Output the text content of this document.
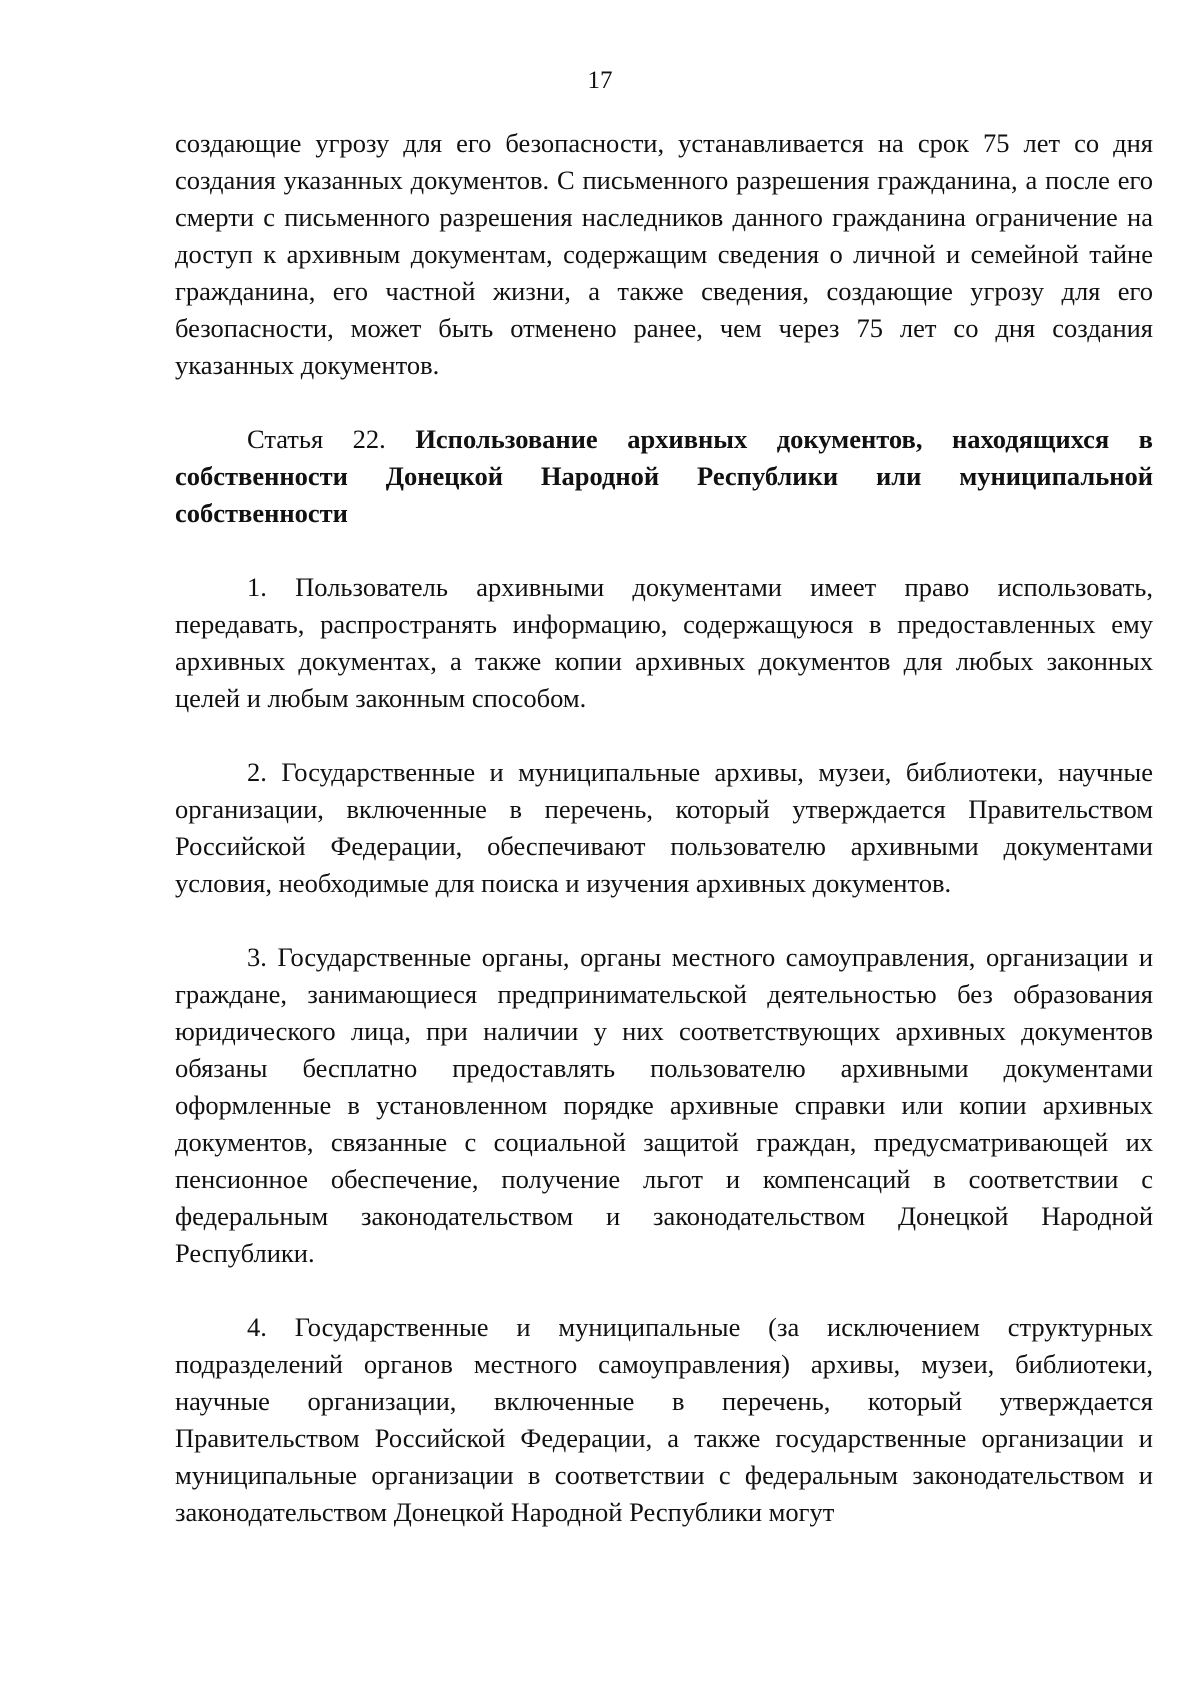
17

создающие угрозу для его безопасности, устанавливается на срок 75 лет со дня создания указанных документов. С письменного разрешения гражданина, а после его смерти с письменного разрешения наследников данного гражданина ограничение на доступ к архивным документам, содержащим сведения о личной и семейной тайне гражданина, его частной жизни, а также сведения, создающие угрозу для его безопасности, может быть отменено ранее, чем через 75 лет со дня создания указанных документов.

Статья 22. Использование архивных документов, находящихся в собственности Донецкой Народной Республики или муниципальной собственности

1. Пользователь архивными документами имеет право использовать, передавать, распространять информацию, содержащуюся в предоставленных ему архивных документах, а также копии архивных документов для любых законных целей и любым законным способом.

2. Государственные и муниципальные архивы, музеи, библиотеки, научные организации, включенные в перечень, который утверждается Правительством Российской Федерации, обеспечивают пользователю архивными документами условия, необходимые для поиска и изучения архивных документов.

3. Государственные органы, органы местного самоуправления, организации и граждане, занимающиеся предпринимательской деятельностью без образования юридического лица, при наличии у них соответствующих архивных документов обязаны бесплатно предоставлять пользователю архивными документами оформленные в установленном порядке архивные справки или копии архивных документов, связанные с социальной защитой граждан, предусматривающей их пенсионное обеспечение, получение льгот и компенсаций в соответствии с федеральным законодательством и законодательством Донецкой Народной Республики.

4. Государственные и муниципальные (за исключением структурных подразделений органов местного самоуправления) архивы, музеи, библиотеки, научные организации, включенные в перечень, который утверждается Правительством Российской Федерации, а также государственные организации и муниципальные организации в соответствии с федеральным законодательством и законодательством Донецкой Народной Республики могут
